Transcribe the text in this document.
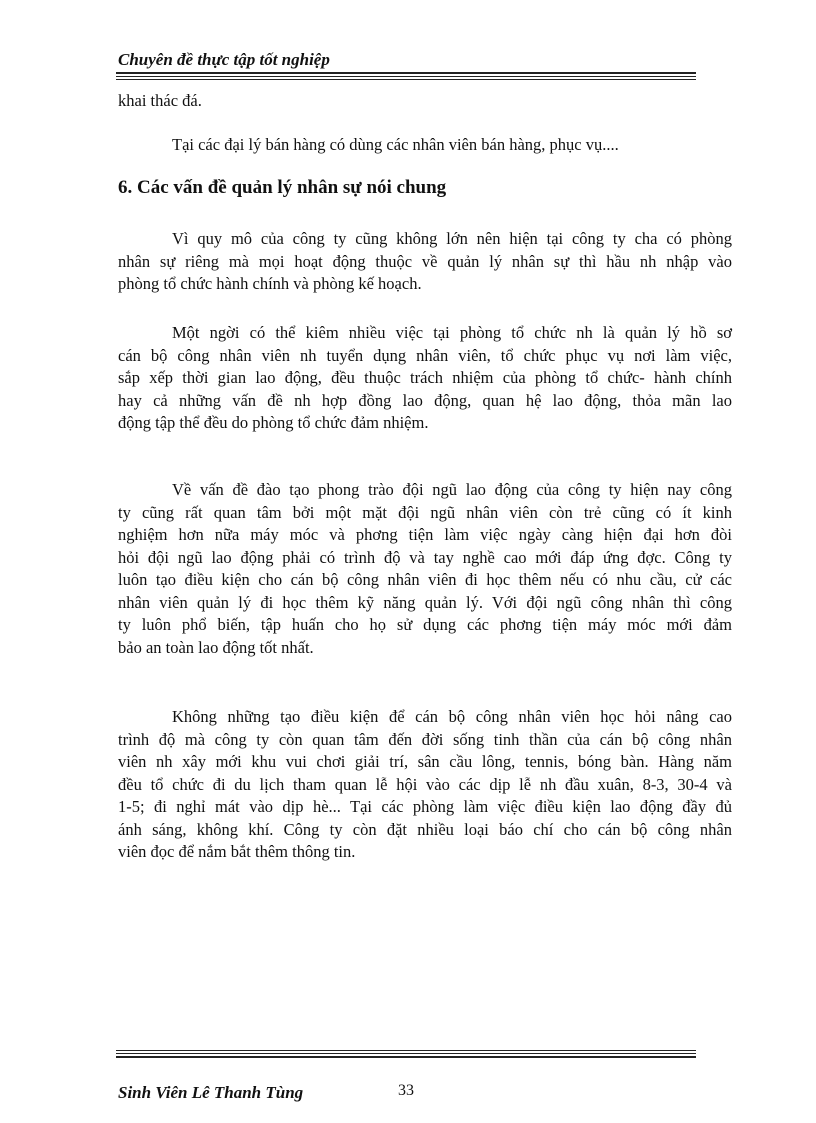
Chuyên đề thực tập tốt nghiệp
khai thác đá.
Tại các đại lý bán hàng có dùng các nhân viên bán hàng, phục vụ....
6. Các vấn đề quản lý nhân sự nói chung
Vì quy mô của công ty cũng không lớn nên hiện tại công ty cha có phòng
nhân sự riêng mà mọi hoạt động thuộc về quản lý nhân sự thì hầu nh nhập vào
phòng tổ chức hành chính và phòng kế hoạch.
Một ngời có thể kiêm nhiều việc tại phòng tổ chức nh là quản lý hồ sơ
cán bộ công nhân viên nh tuyển dụng nhân viên, tổ chức phục vụ nơi làm việc,
sắp xếp thời gian lao động, đều thuộc trách nhiệm của phòng tổ chức- hành chính
hay cả những vấn đề nh hợp đồng lao động, quan hệ lao động, thỏa mãn lao
động tập thể đều do phòng tổ chức đảm nhiệm.
Về vấn đề đào tạo phong trào đội ngũ lao động của công ty hiện nay công
ty cũng rất quan tâm bởi một mặt đội ngũ nhân viên còn trẻ cũng có ít kinh
nghiệm hơn nữa máy móc và phơng tiện làm việc ngày càng hiện đại hơn đòi
hỏi đội ngũ lao động phải có trình độ và tay nghề cao mới đáp ứng đợc. Công ty
luôn tạo điều kiện cho cán bộ công nhân viên đi học thêm nếu có nhu cầu, cử các
nhân viên quản lý đi học thêm kỹ năng quản lý. Với đội ngũ công nhân thì công
ty luôn phổ biến, tập huấn cho họ sử dụng các phơng tiện máy móc mới đảm
bảo an toàn lao động tốt nhất.
Không những tạo điều kiện để cán bộ công nhân viên học hỏi nâng cao
trình độ mà công ty còn quan tâm đến đời sống tinh thần của cán bộ công nhân
viên nh xây mới khu vui chơi giải trí, sân cầu lông, tennis, bóng bàn. Hàng năm
đều tổ chức đi du lịch tham quan lễ hội vào các dịp lễ nh đầu xuân, 8-3, 30-4 và
1-5; đi nghỉ mát vào dịp hè... Tại các phòng làm việc điều kiện lao động đầy đủ
ánh sáng, không khí. Công ty còn đặt nhiều loại báo chí cho cán bộ công nhân
viên đọc để nắm bắt thêm thông tin.
Sinh Viên Lê Thanh Tùng	33
